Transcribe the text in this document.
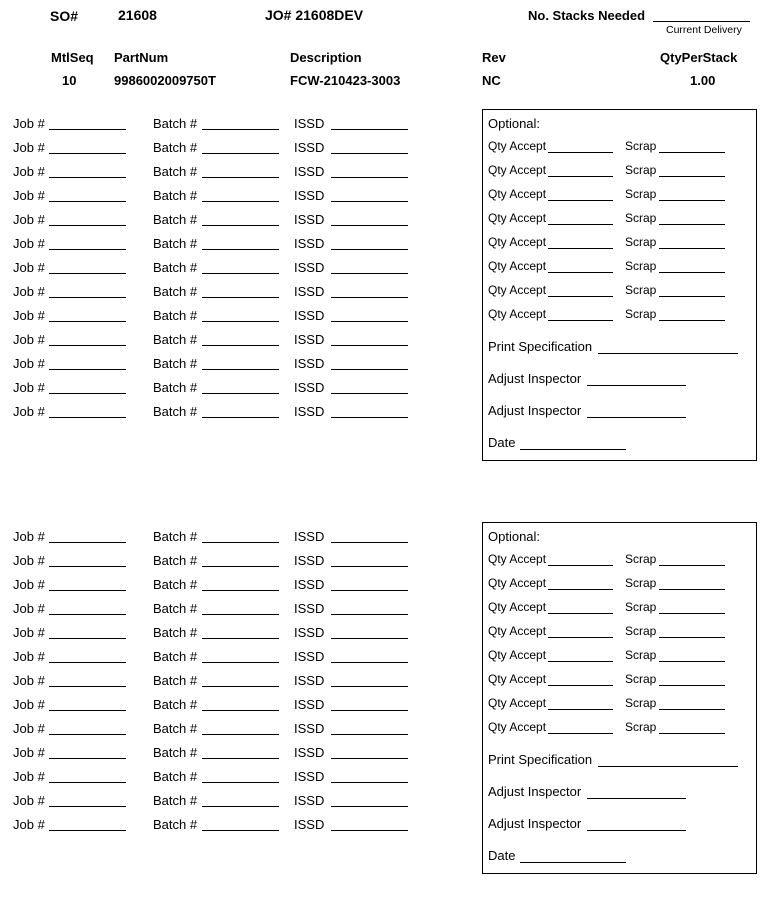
SO#	21608	JO# 21608DEV	No. Stacks Needed
Current Delivery
MtlSeq PartNum	Description	Rev	QtyPerStack
10	9986002009750T	FCW-210423-3003	NC	1.00
Job #	Batch #	ISSD
Job #	Batch #	ISSD
Job #	Batch #	ISSD
Job #	Batch #	ISSD
Job #	Batch #	ISSD
Job #	Batch #	ISSD
Job #	Batch #	ISSD
Job #	Batch #	ISSD
Job #	Batch #	ISSD
Job #	Batch #	ISSD
Job #	Batch #	ISSD
Job #	Batch #	ISSD
Job #	Batch #	ISSD
Job #	Batch #	ISSD
Job #	Batch #	ISSD
Job #	Batch #	ISSD
Job #	Batch #	ISSD
Job #	Batch #	ISSD
Job #	Batch #	ISSD
Job #	Batch #	ISSD
Job #	Batch #	ISSD
Job #	Batch #	ISSD
Job #	Batch #	ISSD
Job #	Batch #	ISSD
Job #	Batch #	ISSD
Job #	Batch #	ISSD
Optional:
Qty Accept	Scrap
Qty Accept	Scrap
Qty Accept	Scrap
Qty Accept	Scrap
Qty Accept	Scrap
Qty Accept	Scrap
Qty Accept	Scrap
Qty Accept	Scrap
Print Specification
Adjust Inspector
Adjust Inspector
Date
Optional:
Qty Accept	Scrap
Qty Accept	Scrap
Qty Accept	Scrap
Qty Accept	Scrap
Qty Accept	Scrap
Qty Accept	Scrap
Qty Accept	Scrap
Qty Accept	Scrap
Print Specification
Adjust Inspector
Adjust Inspector
Date
